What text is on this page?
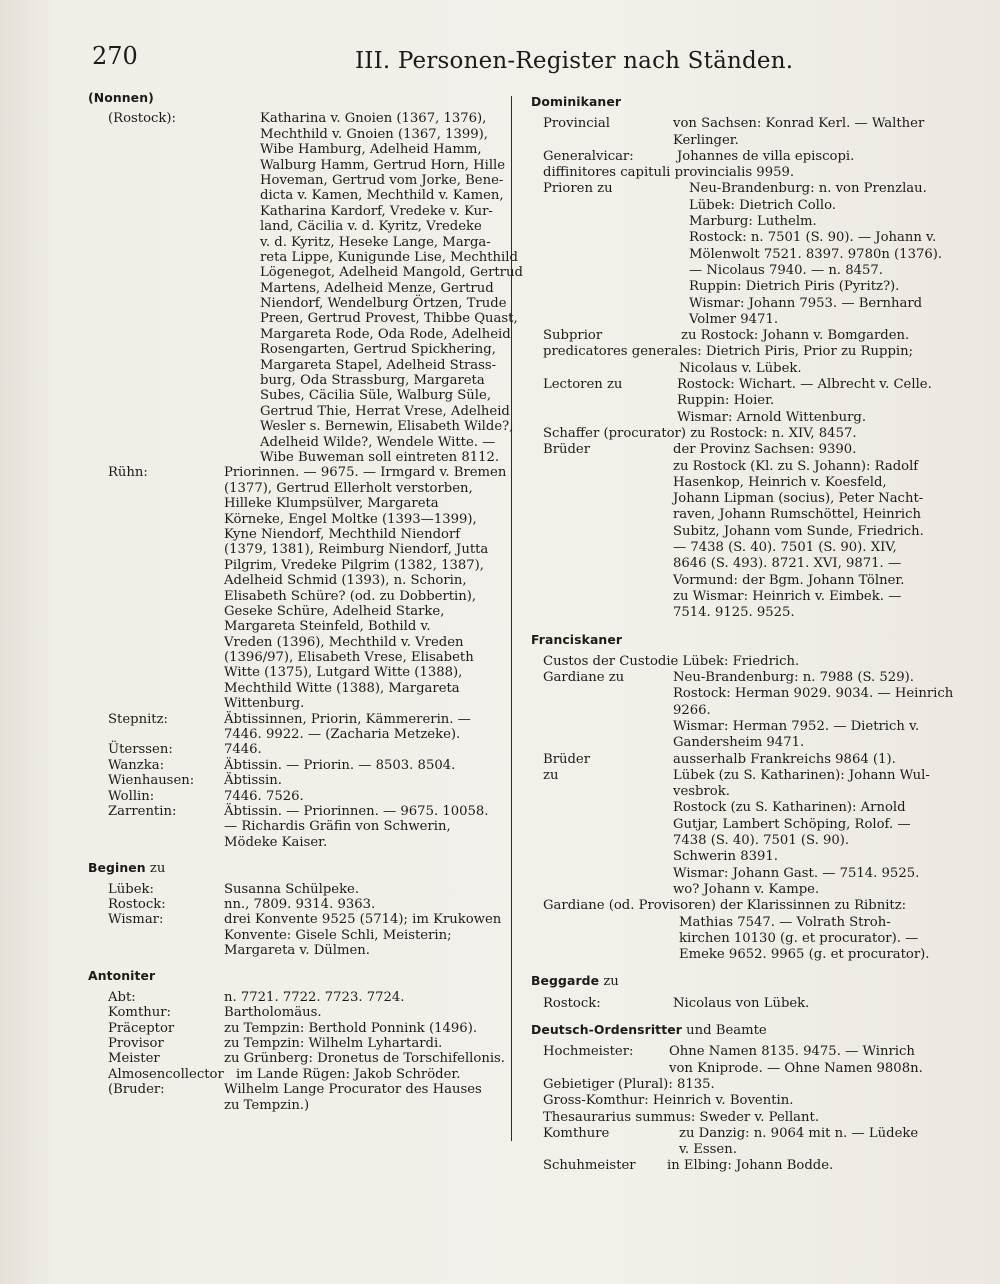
270	III. Personen-Register nach Ständen.
(Nonnen)
(Rostock):	Katharina v. Gnoien (1367, 1376),
Mechthild v. Gnoien (1367, 1399),
Wibe Hamburg, Adelheid Hamm,
Walburg Hamm, Gertrud Horn, Hille
Hoveman, Gertrud vom Jorke, Bene-
dicta v. Kamen, Mechthild v. Kamen,
Katharina Kardorf, Vredeke v. Kur-
land, Cäcilia v. d. Kyritz, Vredeke
v. d. Kyritz, Heseke Lange, Marga-
reta Lippe, Kunigunde Lise, Mechthild
Lögenegot, Adelheid Mangold, Gertrud
Martens, Adelheid Menze, Gertrud
Niendorf, Wendelburg Örtzen, Trude
Preen, Gertrud Provest, Thibbe Quast,
Margareta Rode, Oda Rode, Adelheid
Rosengarten, Gertrud Spickhering,
Margareta Stapel, Adelheid Strass-
burg, Oda Strassburg, Margareta
Subes, Cäcilia Süle, Walburg Süle,
Gertrud Thie, Herrat Vrese, Adelheid
Wesler s. Bernewin, Elisabeth Wilde?,
Adelheid Wilde?, Wendele Witte. —
Wibe Buweman soll eintreten 8112.
Rühn:	Priorinnen. — 9675. — Irmgard v. Bremen
(1377), Gertrud Ellerholt verstorben,
Hilleke Klumpsülver, Margareta
Körneke, Engel Moltke (1393—1399),
Kyne Niendorf, Mechthild Niendorf
(1379, 1381), Reimburg Niendorf, Jutta
Pilgrim, Vredeke Pilgrim (1382, 1387),
Adelheid Schmid (1393), n. Schorin,
Elisabeth Schüre? (od. zu Dobbertin),
Geseke Schüre, Adelheid Starke,
Margareta Steinfeld, Bothild v.
Vreden (1396), Mechthild v. Vreden
(1396/97), Elisabeth Vrese, Elisabeth
Witte (1375), Lutgard Witte (1388),
Mechthild Witte (1388), Margareta
Wittenburg.
Stepnitz:	Äbtissinnen, Priorin, Kämmererin. —
7446. 9922. — (Zacharia Metzeke).
Üterssen:	7446.
Wanzka:	Äbtissin. — Priorin. — 8503. 8504.
Wienhausen: Äbtissin.
Wollin:	7446. 7526.
Zarrentin:	Äbtissin. — Priorinnen. — 9675. 10058.
— Richardis Gräfin von Schwerin,
Mödeke Kaiser.
Beginen zu
Lübek:	Susanna Schülpeke.
Rostock:	nn., 7809. 9314. 9363.
Wismar:	drei Konvente 9525 (5714); im Krukowen
Konvente: Gisele Schli, Meisterin;
Margareta v. Dülmen.
Antoniter
Abt:	n. 7721. 7722. 7723. 7724.
Komthur:	Bartholomäus.
Präceptor	zu Tempzin: Berthold Ponnink (1496).
Provisor	zu Tempzin: Wilhelm Lyhartardi.
Meister	zu Grünberg: Dronetus de Torschifellonis.
Almosencollector im Lande Rügen: Jakob Schröder.
(Bruder:	Wilhelm Lange Procurator des Hauses
zu Tempzin.)
Dominikaner
Provincial	von Sachsen: Konrad Kerl. — Walther
Kerlinger.
Generalvicar:	Johannes de villa episcopi.
diffinitores capituli provincialis 9959.
Prioren zu	Neu-Brandenburg: n. von Prenzlau.
Lübek: Dietrich Collo.
Marburg: Luthelm.
Rostock: n. 7501 (S. 90). — Johann v.
Mölenwolt 7521. 8397. 9780n (1376).
— Nicolaus 7940. — n. 8457.
Ruppin: Dietrich Piris (Pyritz?).
Wismar: Johann 7953. — Bernhard
Volmer 9471.
Subprior	zu Rostock: Johann v. Bomgarden.
predicatores generales: Dietrich Piris, Prior zu Ruppin;
Nicolaus v. Lübek.
Lectoren zu	Rostock: Wichart. — Albrecht v. Celle.
Ruppin: Hoier.
Wismar: Arnold Wittenburg.
Schaffer (procurator) zu Rostock: n. XIV, 8457.
Brüder	der Provinz Sachsen: 9390.
zu Rostock (Kl. zu S. Johann): Radolf
Hasenkop, Heinrich v. Koesfeld,
Johann Lipman (socius), Peter Nacht-
raven, Johann Rumschöttel, Heinrich
Subitz, Johann vom Sunde, Friedrich.
— 7438 (S. 40). 7501 (S. 90). XIV,
8646 (S. 493). 8721. XVI, 9871. —
Vormund: der Bgm. Johann Tölner.
zu Wismar: Heinrich v. Eimbek. —
7514. 9125. 9525.
Franciskaner
Custos der Custodie Lübek: Friedrich.
Gardiane zu	Neu-Brandenburg: n. 7988 (S. 529).
Rostock: Herman 9029. 9034. — Heinrich
9266.
Wismar: Herman 7952. — Dietrich v.
Gandersheim 9471.
Brüder	ausserhalb Frankreichs 9864 (1).
zu	Lübek (zu S. Katharinen): Johann Wul-
vesbrok.
Rostock (zu S. Katharinen): Arnold
Gutjar, Lambert Schöping, Rolof. —
7438 (S. 40). 7501 (S. 90).
Schwerin 8391.
Wismar: Johann Gast. — 7514. 9525.
wo? Johann v. Kampe.
Gardiane (od. Provisoren) der Klarissinnen zu Ribnitz:
Mathias 7547. — Volrath Stroh-
kirchen 10130 (g. et procurator). —
Emeke 9652. 9965 (g. et procurator).
Beggarde zu
Rostock:	Nicolaus von Lübek.
Deutsch-Ordensritter und Beamte
Hochmeister:	Ohne Namen 8135. 9475. — Winrich
von Kniprode. — Ohne Namen 9808n.
Gebietiger (Plural): 8135.
Gross-Komthur: Heinrich v. Boventin.
Thesaurarius summus: Sweder v. Pellant.
Komthure	zu Danzig: n. 9064 mit n. — Lüdeke
v. Essen.
Schuhmeister in Elbing: Johann Bodde.
